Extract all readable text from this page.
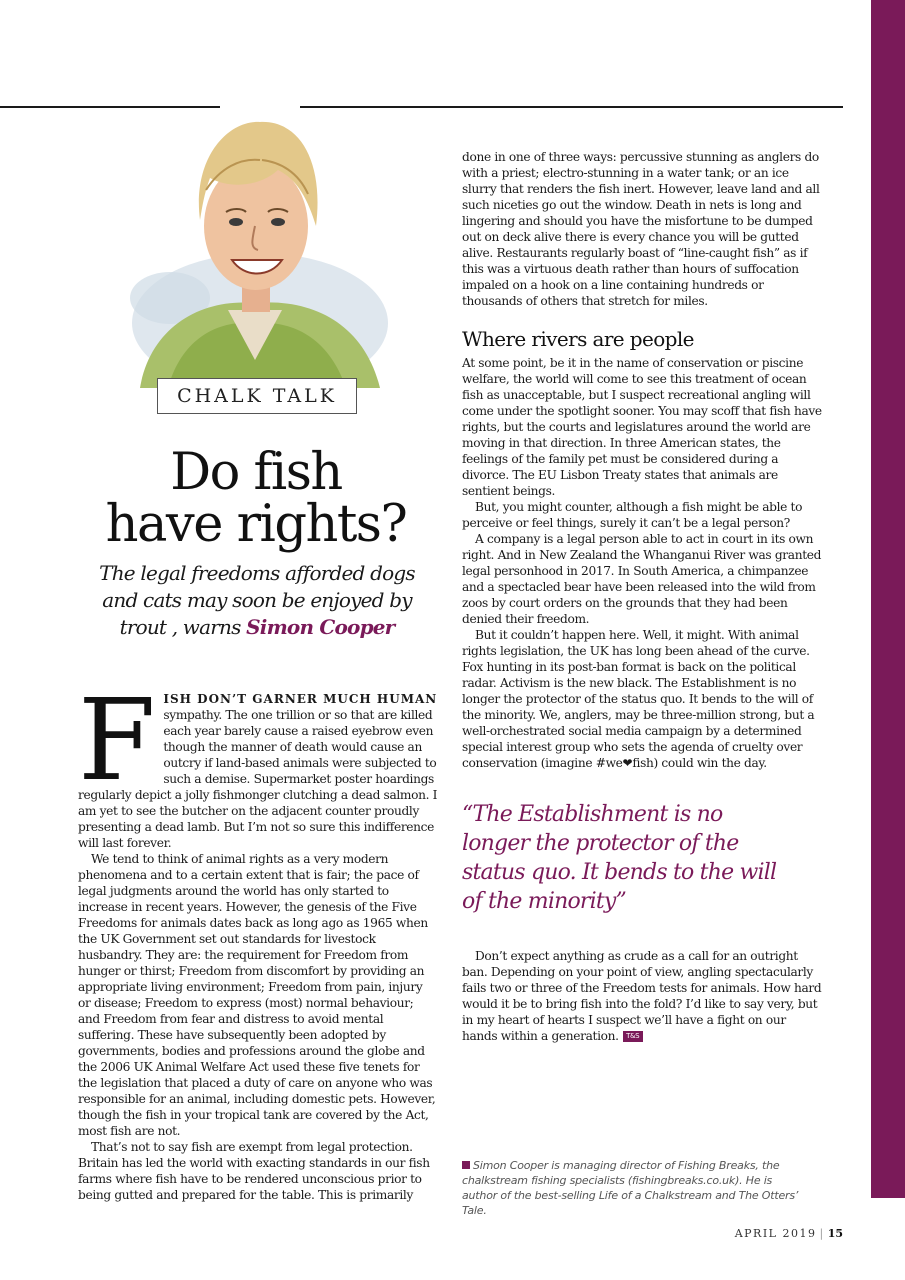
CHALK TALK
Do fish
have rights?
The legal freedoms afforded dogs and cats may soon be enjoyed by trout , warns Simon Cooper
F ISH DON’T GARNER MUCH HUMAN sympathy. The one trillion or so that are killed each year barely cause a raised eyebrow even though the manner of death would cause an outcry if land-based animals were subjected to such a demise. Supermarket poster hoardings regularly depict a jolly fishmonger clutching a dead salmon. I am yet to see the butcher on the adjacent counter proudly presenting a dead lamb. But I’m not so sure this indifference will last forever.

We tend to think of animal rights as a very modern phenomena and to a certain extent that is fair; the pace of legal judgments around the world has only started to increase in recent years. However, the genesis of the Five Freedoms for animals dates back as long ago as 1965 when the UK Government set out standards for livestock husbandry. They are: the requirement for Freedom from hunger or thirst; Freedom from discomfort by providing an appropriate living environment; Freedom from pain, injury or disease; Freedom to express (most) normal behaviour; and Freedom from fear and distress to avoid mental suffering. These have subsequently been adopted by governments, bodies and professions around the globe and the 2006 UK Animal Welfare Act used these five tenets for the legislation that placed a duty of care on anyone who was responsible for an animal, including domestic pets. However, though the fish in your tropical tank are covered by the Act, most fish are not.

That’s not to say fish are exempt from legal protection. Britain has led the world with exacting standards in our fish farms where fish have to be rendered unconscious prior to being gutted and prepared for the table. This is primarily

done in one of three ways: percussive stunning as anglers do with a priest; electro-stunning in a water tank; or an ice slurry that renders the fish inert. However, leave land and all such niceties go out the window. Death in nets is long and lingering and should you have the misfortune to be dumped out on deck alive there is every chance you will be gutted alive. Restaurants regularly boast of “line-caught fish” as if this was a virtuous death rather than hours of suffocation impaled on a hook on a line containing hundreds or thousands of others that stretch for miles.

Where rivers are people

At some point, be it in the name of conservation or piscine welfare, the world will come to see this treatment of ocean fish as unacceptable, but I suspect recreational angling will come under the spotlight sooner. You may scoff that fish have rights, but the courts and legislatures around the world are moving in that direction. In three American states, the feelings of the family pet must be considered during a divorce. The EU Lisbon Treaty states that animals are sentient beings.

But, you might counter, although a fish might be able to perceive or feel things, surely it can’t be a legal person?

A company is a legal person able to act in court in its own right. And in New Zealand the Whanganui River was granted legal personhood in 2017. In South America, a chimpanzee and a spectacled bear have been released into the wild from zoos by court orders on the grounds that they had been denied their freedom.

But it couldn’t happen here. Well, it might. With animal rights legislation, the UK has long been ahead of the curve. Fox hunting in its post-ban format is back on the political radar. Activism is the new black. The Establishment is no longer the protector of the status quo. It bends to the will of the minority. We, anglers, may be three-million strong, but a well-orchestrated social media campaign by a determined special interest group who sets the agenda of cruelty over conservation (imagine #we❤fish) could win the day.

“The Establishment is no longer the protector of the status quo. It bends to the will of the minority”

Don’t expect anything as crude as a call for an outright ban. Depending on your point of view, angling spectacularly fails two or three of the Freedom tests for animals. How hard would it be to bring fish into the fold? I’d like to say very, but in my heart of hearts I suspect we’ll have a fight on our hands within a generation. T&S

Simon Cooper is managing director of Fishing Breaks, the chalkstream fishing specialists (fishingbreaks.co.uk). He is author of the best-selling Life of a Chalkstream and The Otters’ Tale.
APRIL 2019 | 15
